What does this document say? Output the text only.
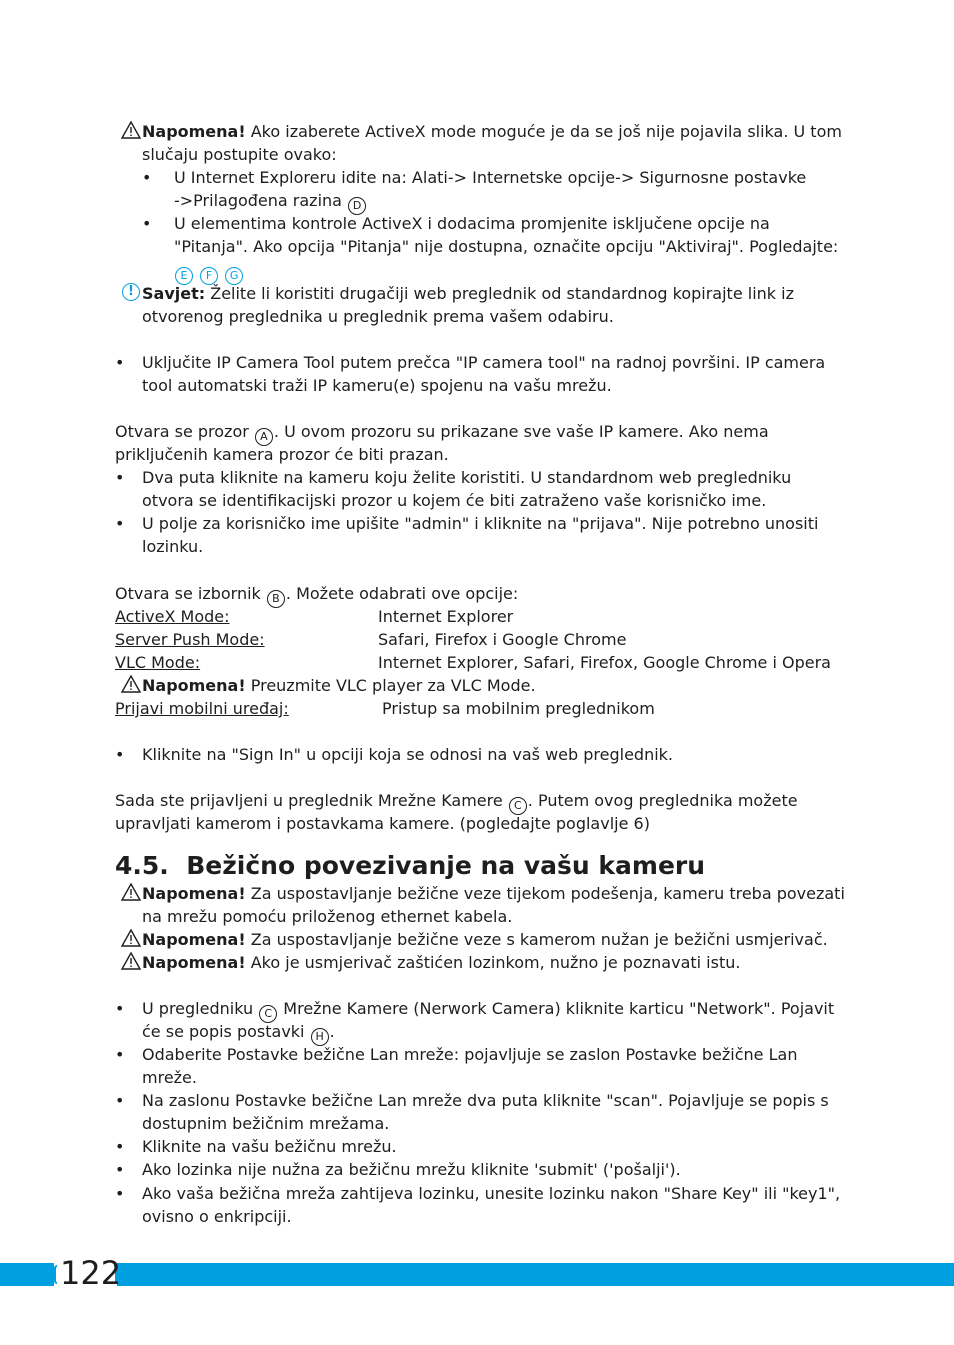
Napomena! Ako izaberete ActiveX mode moguće je da se još nije pojavila slika. U tom
slučaju postupite ovako:
• U Internet Exploreru idite na: Alati-> Internetske opcije-> Sigurnosne postavke
->Prilagođena razina D
• U elementima kontrole ActiveX i dodacima promjenite isključene opcije na
"Pitanja". Ako opcija "Pitanja" nije dostupna, označite opciju "Aktiviraj". Pogledajte:
E F G
! Savjet: Želite li koristiti drugačiji web preglednik od standardnog kopirajte link iz
otvorenog preglednika u preglednik prema vašem odabiru.
• Uključite IP Camera Tool putem prečca "IP camera tool" na radnoj površini. IP camera
tool automatski traži IP kameru(e) spojenu na vašu mrežu.
Otvara se prozor A . U ovom prozoru su prikazane sve vaše IP kamere. Ako nema
priključenih kamera prozor će biti prazan.
• Dva puta kliknite na kameru koju želite koristiti. U standardnom web pregledniku
otvora se identifikacijski prozor u kojem će biti zatraženo vaše korisničko ime.
• U polje za korisničko ime upišite "admin" i kliknite na "prijava". Nije potrebno unositi
lozinku.
Otvara se izbornik B . Možete odabrati ove opcije:
ActiveX Mode:	Internet Explorer
Server Push Mode:	Safari, Firefox i Google Chrome
VLC Mode:	Internet Explorer, Safari, Firefox, Google Chrome i Opera
Napomena! Preuzmite VLC player za VLC Mode.
Prijavi mobilni uređaj:	Pristup sa mobilnim preglednikom
• Kliknite na "Sign In" u opciji koja se odnosi na vaš web preglednik.
Sada ste prijavljeni u preglednik Mrežne Kamere C . Putem ovog preglednika možete
upravljati kamerom i postavkama kamere. (pogledajte poglavlje 6)
4.5. Bežično povezivanje na vašu kameru
Napomena! Za uspostavljanje bežične veze tijekom podešenja, kameru treba povezati
na mrežu pomoću priloženog ethernet kabela.
Napomena! Za uspostavljanje bežične veze s kamerom nužan je bežični usmjerivač.
Napomena! Ako je usmjerivač zaštićen lozinkom, nužno je poznavati istu.
• U pregledniku C Mrežne Kamere (Nerwork Camera) kliknite karticu "Network". Pojavit
će se popis postavki H .
• Odaberite Postavke bežične Lan mreže: pojavljuje se zaslon Postavke bežične Lan
mreže.
• Na zaslonu Postavke bežične Lan mreže dva puta kliknite "scan". Pojavljuje se popis s
dostupnim bežičnim mrežama.
• Kliknite na vašu bežičnu mrežu.
• Ako lozinka nije nužna za bežičnu mrežu kliknite 'submit' ('pošalji').
• Ako vaša bežična mreža zahtijeva lozinku, unesite lozinku nakon "Share Key" ili "key1",
ovisno o enkripciji.
122
